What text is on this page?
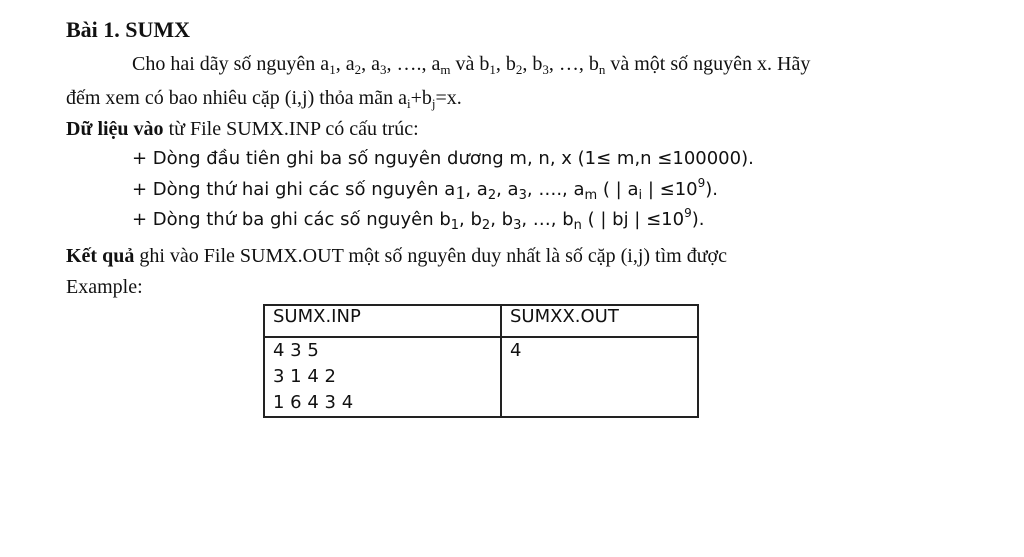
Bài 1. SUMX
Cho hai dãy số nguyên $a_1$, $a_2$, $a_3$, …., $a_m$ và $b_1$, $b_2$, $b_3$, …, $b_n$ và một số nguyên x. Hãy
đếm xem có bao nhiêu cặp (i,j) thỏa mãn $a_i+b_j=x$.
Dữ liệu vào từ File SUMX.INP có cấu trúc:
+ Dòng đầu tiên ghi ba số nguyên dương m, n, x (1≤ m,n ≤100000).
+ Dòng thứ hai ghi các số nguyên $a_1$, $a_2$, $a_3$, …., $a_m$ ( | $a_i$ | $\le 10^9$).
+ Dòng thứ ba ghi các số nguyên $b_1$, $b_2$, $b_3$, …, $b_n$ ( | bj | $\le 10^9$).
Kết quả ghi vào File SUMX.OUT một số nguyên duy nhất là số cặp (i,j) tìm được
Example:
SUMX.INP	SUMXX.OUT

4 3 5
3 1 4 2
1 6 4 3 4	4
